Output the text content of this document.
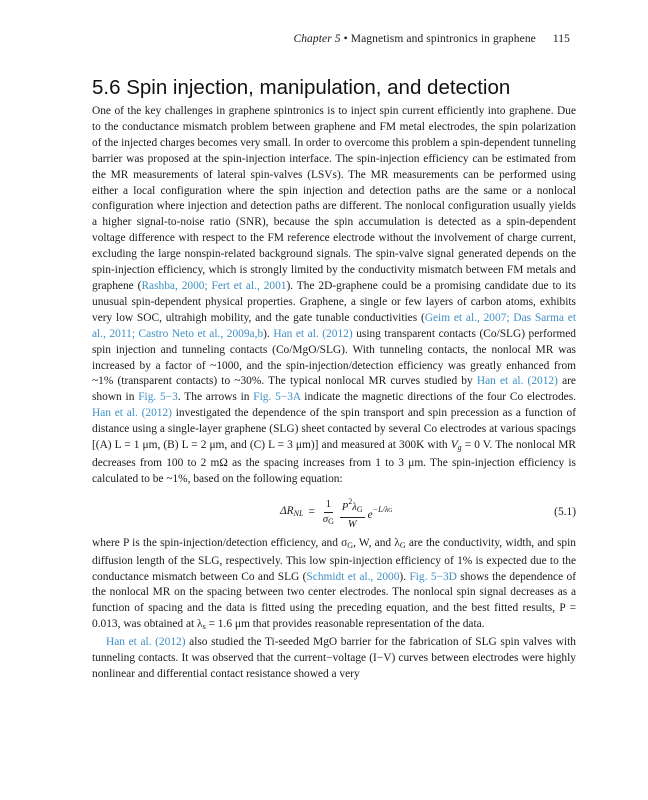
Chapter 5 • Magnetism and spintronics in graphene 115
5.6 Spin injection, manipulation, and detection

One of the key challenges in graphene spintronics is to inject spin current efficiently into graphene. Due to the conductance mismatch problem between graphene and FM metal electrodes, the spin polarization of the injected charges becomes very small. In order to overcome this problem a spin-dependent tunneling barrier was proposed at the spin-injection interface. The spin-injection efficiency can be estimated from the MR measurements of lateral spin-valves (LSVs). The MR measurements can be performed using either a local configuration where the spin injection and detection paths are the same or a nonlocal configuration where injection and detection paths are different. The nonlocal configuration usually yields a higher signal-to-noise ratio (SNR), because the spin accumulation is detected as a spin-dependent voltage difference with respect to the FM reference electrode without the involvement of charge current, excluding the large nonspin-related background signals. The spin-valve signal generated depends on the spin-injection efficiency, which is strongly limited by the conductivity mismatch between FM metals and graphene (Rashba, 2000; Fert et al., 2001). The 2D-graphene could be a promising candidate due to its unusual spin-dependent physical properties. Graphene, a single or few layers of carbon atoms, exhibits very low SOC, ultrahigh mobility, and the gate tunable conductivities (Geim et al., 2007; Das Sarma et al., 2011; Castro Neto et al., 2009a,b). Han et al. (2012) using transparent contacts (Co/SLG) performed spin injection and tunneling contacts (Co/MgO/SLG). With tunneling contacts, the nonlocal MR was increased by a factor of ~1000, and the spin-injection/detection efficiency was greatly enhanced from ~1% (transparent contacts) to ~30%. The typical nonlocal MR curves studied by Han et al. (2012) are shown in Fig. 5−3. The arrows in Fig. 5−3A indicate the magnetic directions of the four Co electrodes. Han et al. (2012) investigated the dependence of the spin transport and spin precession as a function of distance using a single-layer graphene (SLG) sheet contacted by several Co electrodes at various spacings [(A) L = 1 μm, (B) L = 2 μm, and (C) L = 3 μm)] and measured at 300K with $V_g = 0$ V. The nonlocal MR decreases from 100 to 2 mΩ as the spacing increases from 1 to 3 μm. The spin-injection efficiency is calculated to be ~1%, based on the following equation:

$\Delta R_{NL} = \frac{1}{\sigma_G} \frac{P^2\lambda_G}{W} e^{-L/\lambda G}$	(5.1)

where P is the spin-injection/detection efficiency, and $\sigma_G$, W, and $\lambda_G$ are the conductivity, width, and spin diffusion length of the SLG, respectively. This low spin-injection efficiency of 1% is expected due to the conductance mismatch between Co and SLG (Schmidt et al., 2000). Fig. 5−3D shows the dependence of the nonlocal MR on the spacing between two center electrodes. The nonlocal spin signal decreases as a function of spacing and the data is fitted using the preceding equation, and the best fitted results, P = 0.013, was obtained at $\lambda_s = 1.6$ μm that provides reasonable representation of the data.

Han et al. (2012) also studied the Ti-seeded MgO barrier for the fabrication of SLG spin valves with tunneling contacts. It was observed that the current−voltage (I−V) curves between electrodes were highly nonlinear and differential contact resistance showed a very
